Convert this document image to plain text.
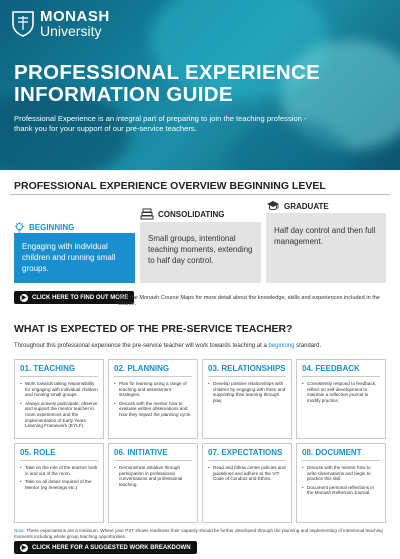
MONASH
University
PROFESSIONAL EXPERIENCE
INFORMATION GUIDE

Professional Experience is an integral part of preparing to join the teaching profession - thank you for your support of our pre-service teachers.

PROFESSIONAL EXPERIENCE OVERVIEW BEGINNING LEVEL
BEGINNING
Engaging with individual children and running small groups.
CONSOLIDATING
Small groups, intentional teaching moments, extending to half day control.
GRADUATE
Half day control and then full management.
▶ CLICK HERE TO FIND OUT MORE
Visit the Monash Course Maps for more detail about the knowledge, skills and experiences included in the course.
WHAT IS EXPECTED OF THE PRE-SERVICE TEACHER?
Throughout this professional experience the pre-service teacher will work towards teaching at a beginning standard.
01. TEACHING
• Work towards taking responsibility for engaging with individual children and running small groups.
• Always actively participate; observe and support the mentor teacher in room experiences and the implementation of Early Years Learning Framework (EYLF).
02. PLANNING
• Plan for learning using a range of teaching and assessment strategies.
• Discuss with the mentor how to evaluate written observations and how they impact the planning cycle.
03. RELATIONSHIPS
• Develop positive relationships with children by engaging with them and supporting their learning through play.
04. FEEDBACK
• Consistently respond to feedback, reflect on self-development to maintain a reflection journal to modify practice.
05. ROLE
• Take on the role of the teacher both in and out of the room.
• Take on all duties required of the Mentor (eg meetings etc.)
06. INITIATIVE
• Demonstrate initiative through participation in professional conversations and professional teaching.
07. EXPECTATIONS
• Read and follow centre policies and guidelines and adhere to the VIT Code of Conduct and Ethics.
08. DOCUMENT
• Discuss with the mentor how to write observations and begin to practice this skill.
• Document personal reflections in the Monash Reflection Journal.
Note: These expectations are a minimum. Where your PST shows readiness their capacity should be further developed through the planning and implementing of intentional teaching moments including whole group teaching opportunities.
▶ CLICK HERE FOR A SUGGESTED WORK BREAKDOWN
